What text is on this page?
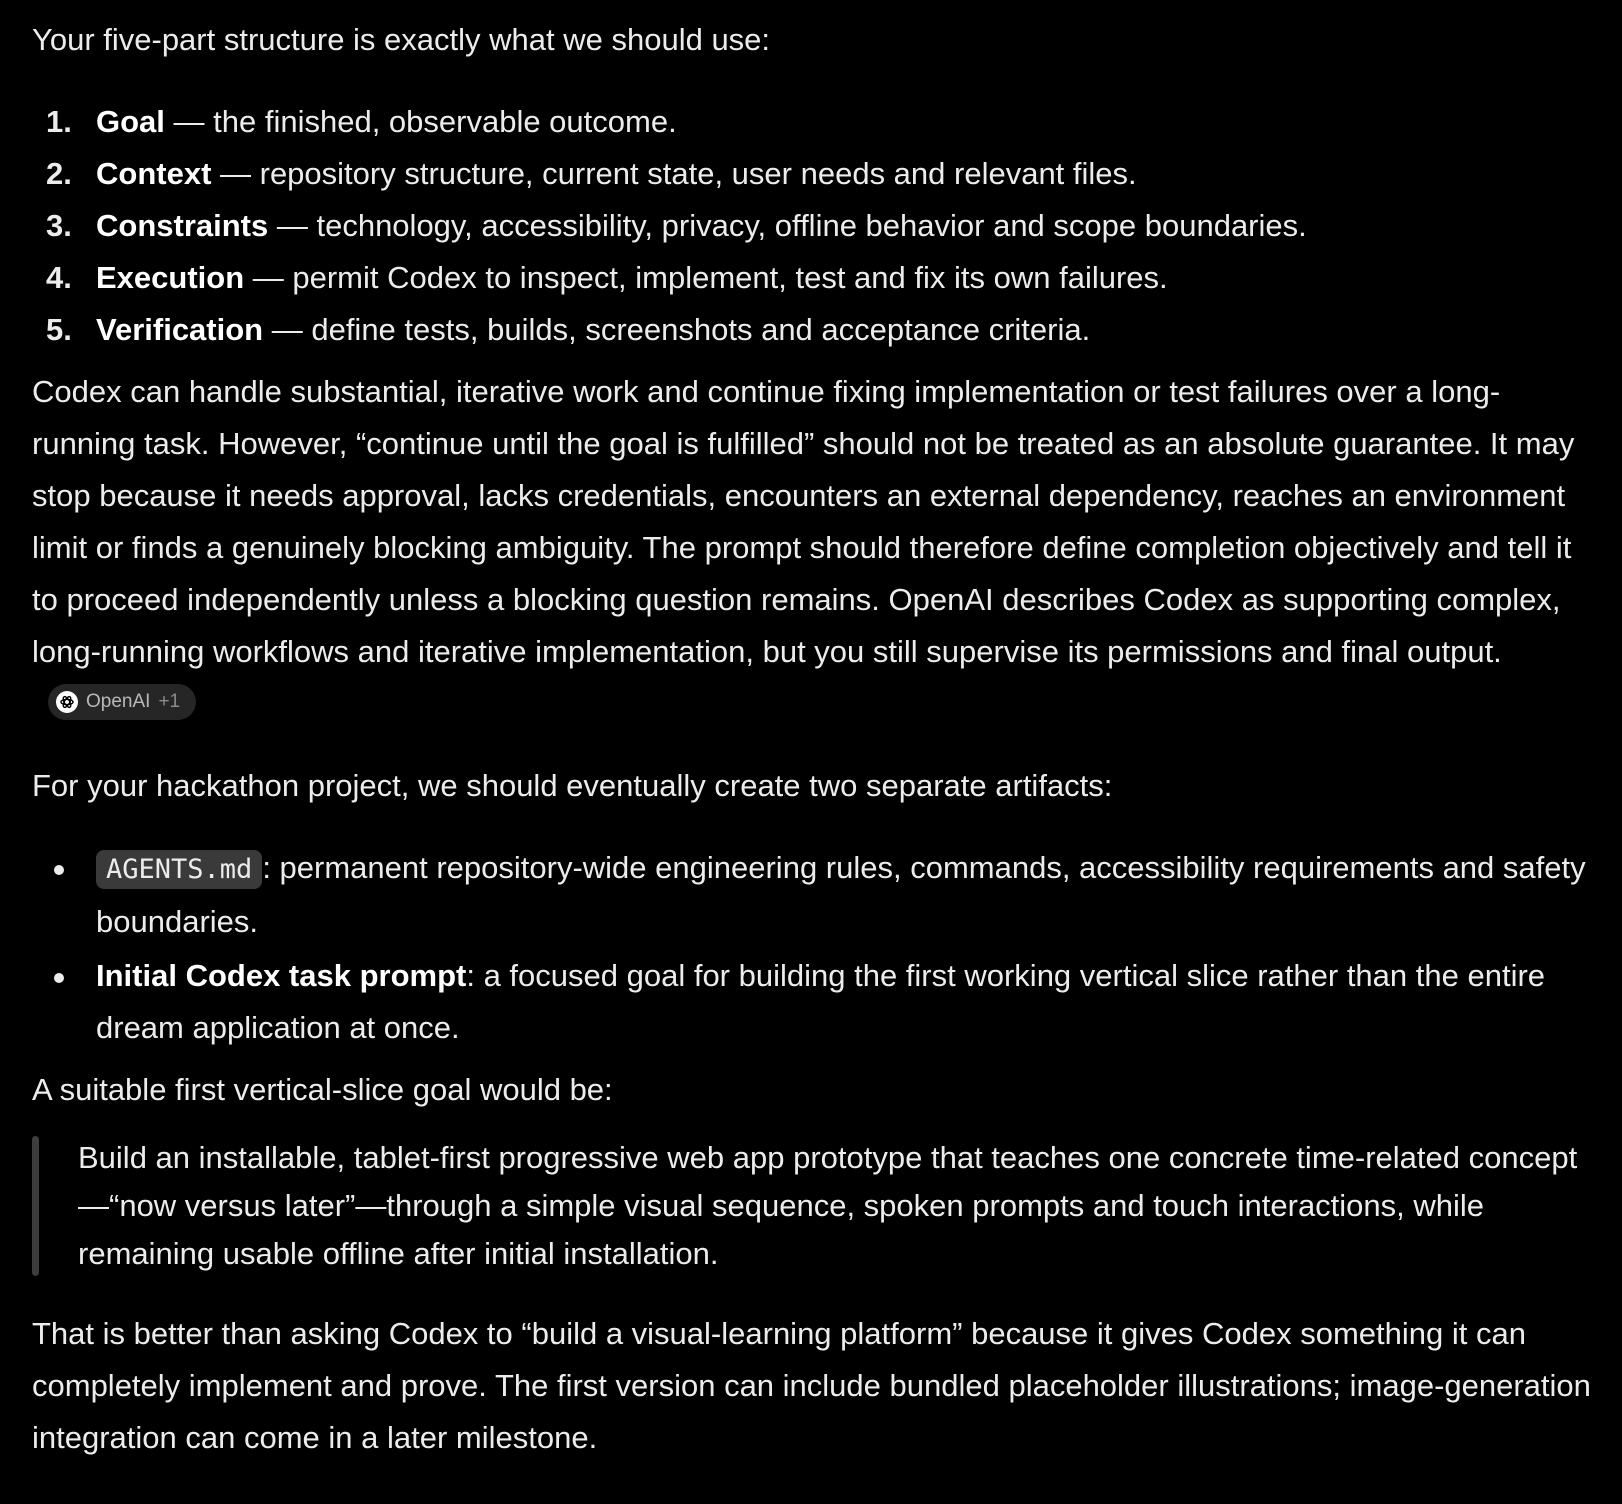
Your five-part structure is exactly what we should use:

1. Goal — the finished, observable outcome.
2. Context — repository structure, current state, user needs and relevant files.
3. Constraints — technology, accessibility, privacy, offline behavior and scope boundaries.
4. Execution — permit Codex to inspect, implement, test and fix its own failures.
5. Verification — define tests, builds, screenshots and acceptance criteria.

Codex can handle substantial, iterative work and continue fixing implementation or test failures over a long-running task. However, “continue until the goal is fulfilled” should not be treated as an absolute guarantee. It may stop because it needs approval, lacks credentials, encounters an external dependency, reaches an environment limit or finds a genuinely blocking ambiguity. The prompt should therefore define completion objectively and tell it to proceed independently unless a blocking question remains. OpenAI describes Codex as supporting complex, long-running workflows and iterative implementation, but you still supervise its permissions and final output.
OpenAI +1

For your hackathon project, we should eventually create two separate artifacts:

AGENTS.md : permanent repository-wide engineering rules, commands, accessibility requirements and safety boundaries.
Initial Codex task prompt: a focused goal for building the first working vertical slice rather than the entire dream application at once.

A suitable first vertical-slice goal would be:

Build an installable, tablet-first progressive web app prototype that teaches one concrete time-related concept—“now versus later”—through a simple visual sequence, spoken prompts and touch interactions, while remaining usable offline after initial installation.

That is better than asking Codex to “build a visual-learning platform” because it gives Codex something it can completely implement and prove. The first version can include bundled placeholder illustrations; image-generation integration can come in a later milestone.
